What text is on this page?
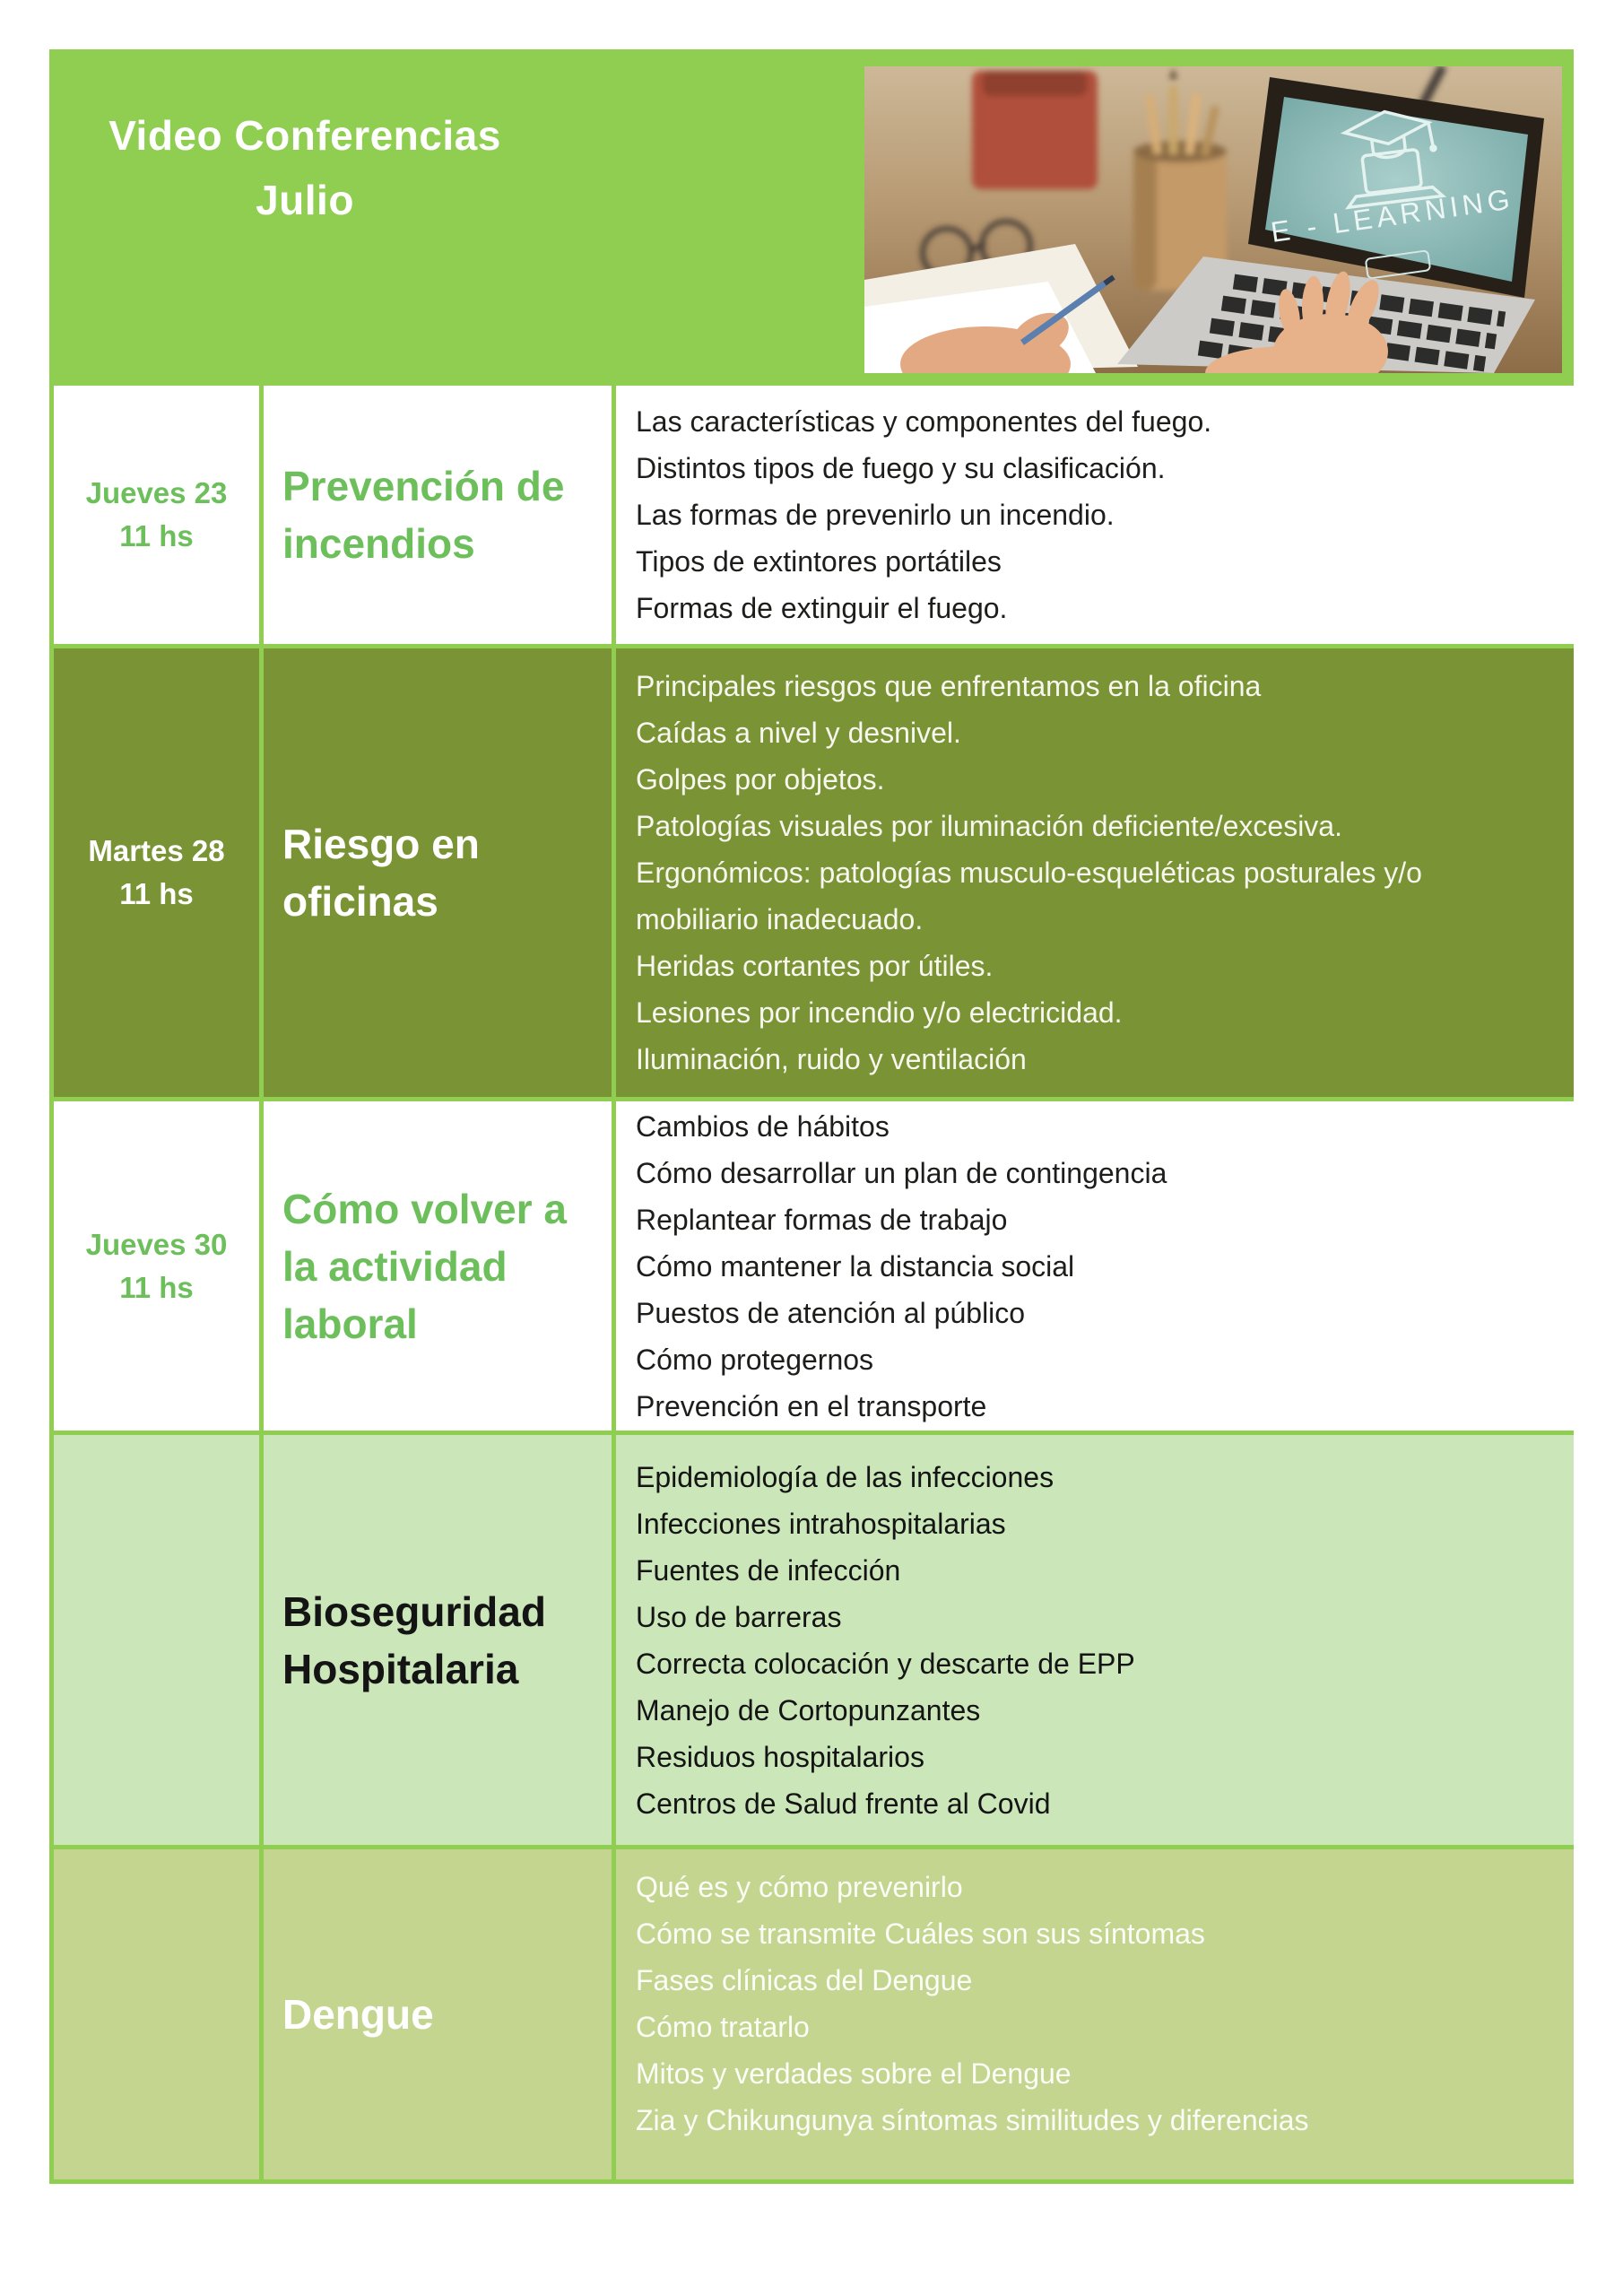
Video Conferencias
Julio	E - LEARNING
Jueves 23
11 hs
Prevención de incendios
Las características y componentes del fuego.
Distintos tipos de fuego y su clasificación.
Las formas de prevenirlo un incendio.
Tipos de extintores portátiles
Formas de extinguir el fuego.
Martes 28
11 hs
Riesgo en oficinas
Principales riesgos que enfrentamos en la oficina
Caídas a nivel y desnivel.
Golpes por objetos.
Patologías visuales por iluminación deficiente/excesiva.
Ergonómicos: patologías musculo-esqueléticas posturales y/o mobiliario inadecuado.
Heridas cortantes por útiles.
Lesiones por incendio y/o electricidad.
Iluminación, ruido y ventilación
Jueves 30
11 hs
Cómo volver a la actividad laboral
Cambios de hábitos
Cómo desarrollar un plan de contingencia
Replantear formas de trabajo
Cómo mantener la distancia social
Puestos de atención al público
Cómo protegernos
Prevención en el transporte
Bioseguridad Hospitalaria
Epidemiología de las infecciones
Infecciones intrahospitalarias
Fuentes de infección
Uso de barreras
Correcta colocación y descarte de EPP
Manejo de Cortopunzantes
Residuos hospitalarios
Centros de Salud frente al Covid
Dengue
Qué es y cómo prevenirlo
Cómo se transmite Cuáles son sus síntomas
Fases clínicas del Dengue
Cómo tratarlo
Mitos y verdades sobre el Dengue
Zia y Chikungunya síntomas similitudes y diferencias
